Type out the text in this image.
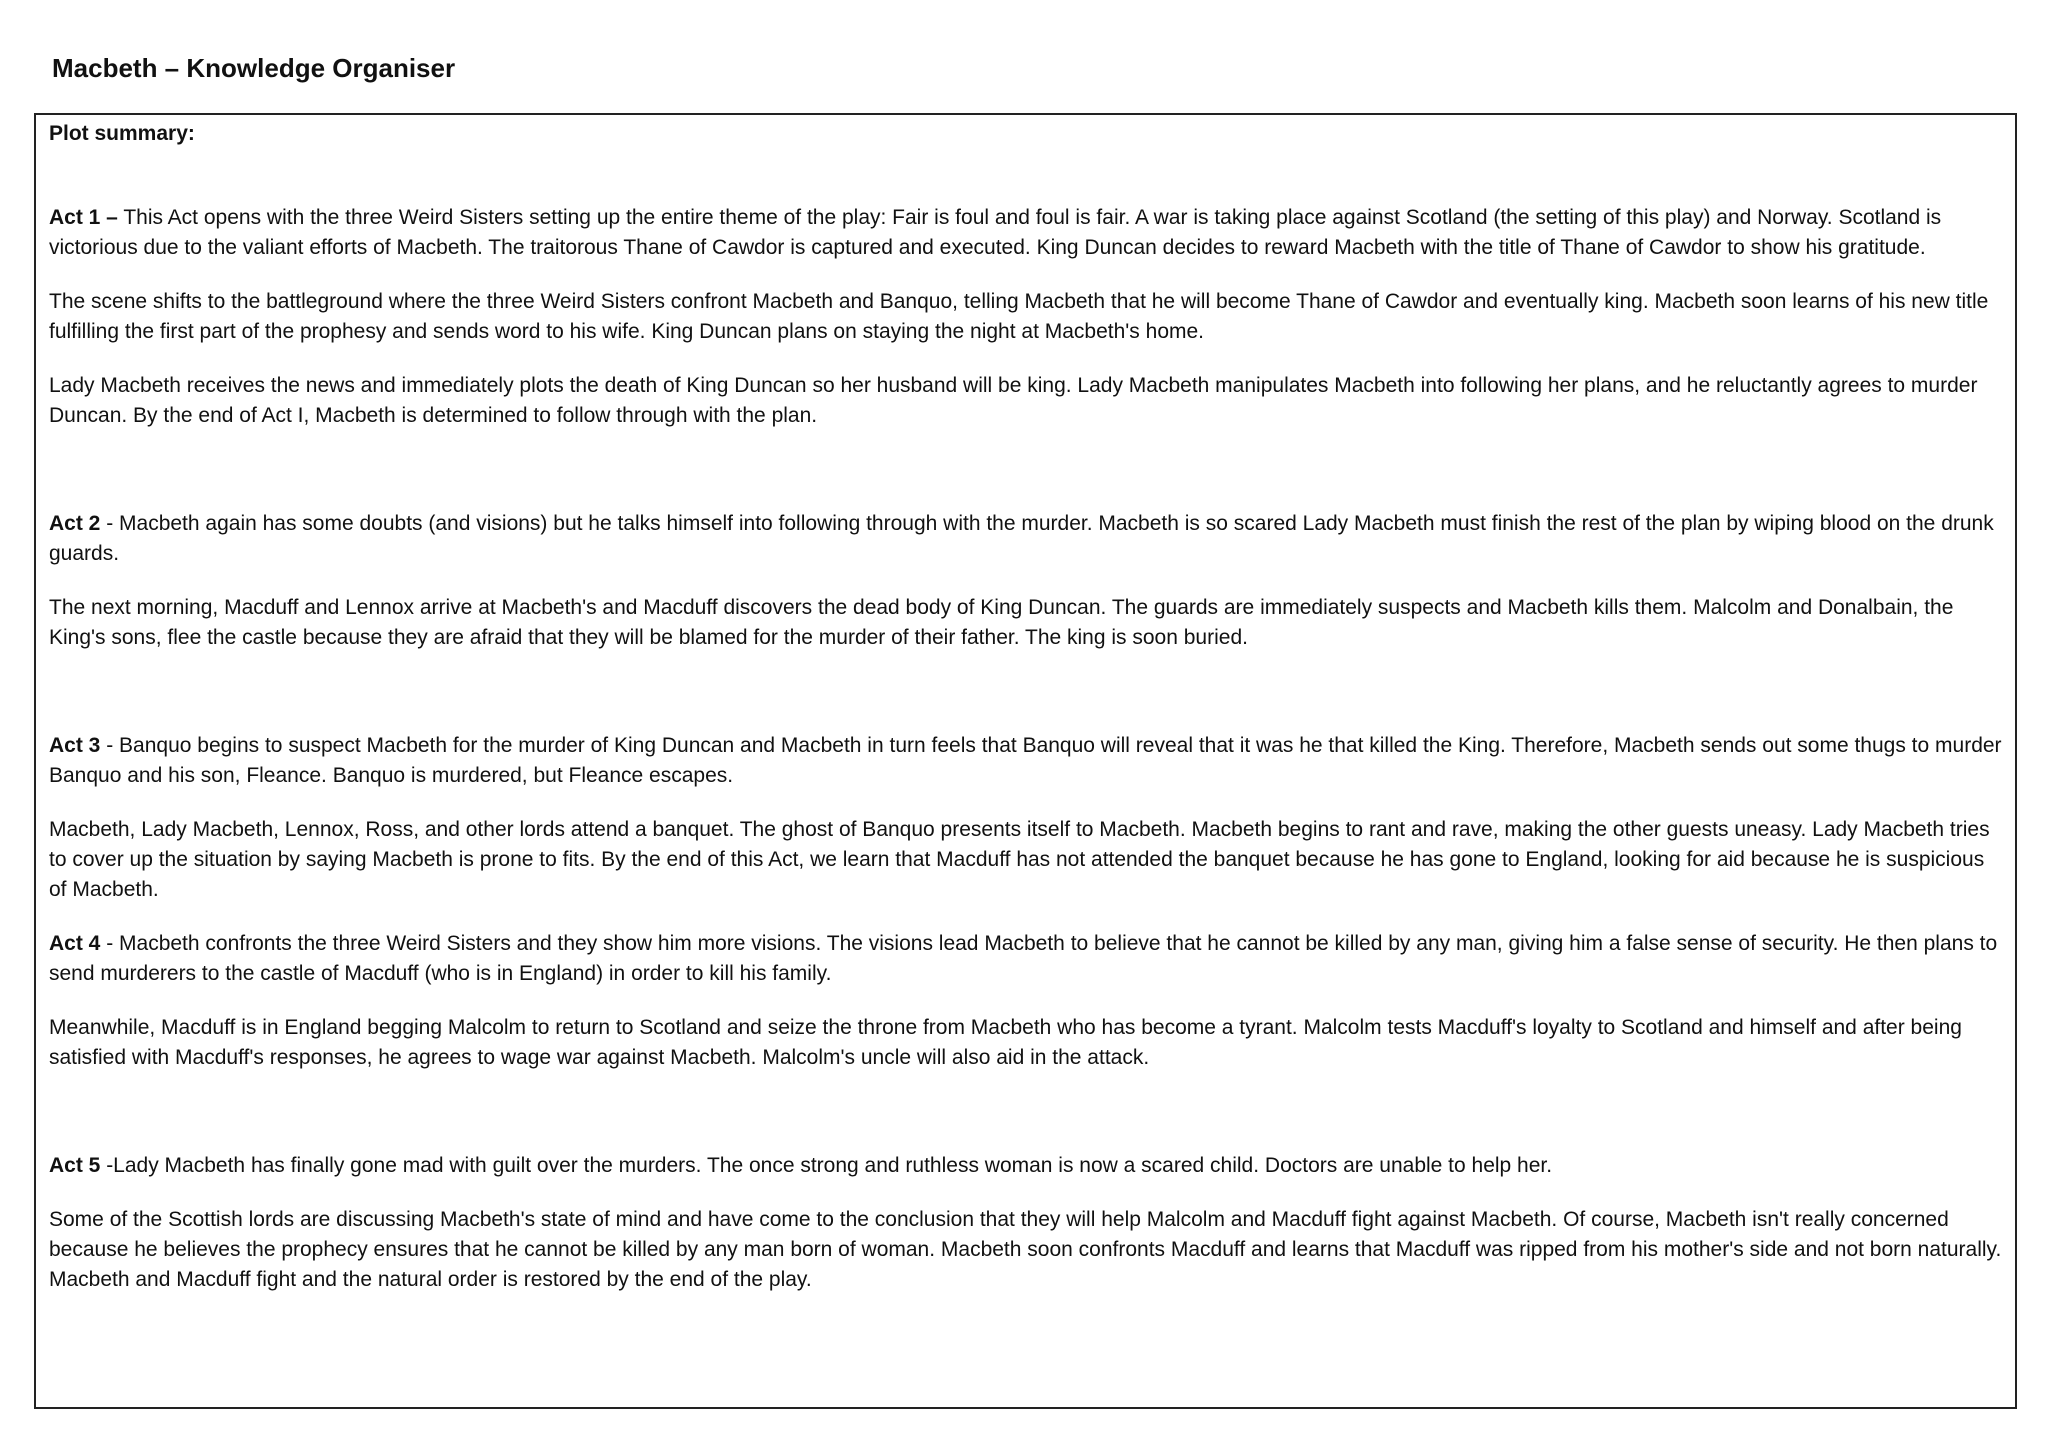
Macbeth – Knowledge Organiser

Plot summary:

Act 1 – This Act opens with the three Weird Sisters setting up the entire theme of the play: Fair is foul and foul is fair. A war is taking place against Scotland (the setting of this play) and Norway. Scotland is victorious due to the valiant efforts of Macbeth. The traitorous Thane of Cawdor is captured and executed. King Duncan decides to reward Macbeth with the title of Thane of Cawdor to show his gratitude.

The scene shifts to the battleground where the three Weird Sisters confront Macbeth and Banquo, telling Macbeth that he will become Thane of Cawdor and eventually king. Macbeth soon learns of his new title fulfilling the first part of the prophesy and sends word to his wife. King Duncan plans on staying the night at Macbeth's home.

Lady Macbeth receives the news and immediately plots the death of King Duncan so her husband will be king. Lady Macbeth manipulates Macbeth into following her plans, and he reluctantly agrees to murder Duncan. By the end of Act I, Macbeth is determined to follow through with the plan.

Act 2 - Macbeth again has some doubts (and visions) but he talks himself into following through with the murder. Macbeth is so scared Lady Macbeth must finish the rest of the plan by wiping blood on the drunk guards.

The next morning, Macduff and Lennox arrive at Macbeth's and Macduff discovers the dead body of King Duncan. The guards are immediately suspects and Macbeth kills them. Malcolm and Donalbain, the King's sons, flee the castle because they are afraid that they will be blamed for the murder of their father. The king is soon buried.

Act 3 - Banquo begins to suspect Macbeth for the murder of King Duncan and Macbeth in turn feels that Banquo will reveal that it was he that killed the King. Therefore, Macbeth sends out some thugs to murder Banquo and his son, Fleance. Banquo is murdered, but Fleance escapes.

Macbeth, Lady Macbeth, Lennox, Ross, and other lords attend a banquet. The ghost of Banquo presents itself to Macbeth. Macbeth begins to rant and rave, making the other guests uneasy. Lady Macbeth tries to cover up the situation by saying Macbeth is prone to fits. By the end of this Act, we learn that Macduff has not attended the banquet because he has gone to England, looking for aid because he is suspicious of Macbeth.

Act 4 - Macbeth confronts the three Weird Sisters and they show him more visions. The visions lead Macbeth to believe that he cannot be killed by any man, giving him a false sense of security. He then plans to send murderers to the castle of Macduff (who is in England) in order to kill his family.

Meanwhile, Macduff is in England begging Malcolm to return to Scotland and seize the throne from Macbeth who has become a tyrant. Malcolm tests Macduff's loyalty to Scotland and himself and after being satisfied with Macduff's responses, he agrees to wage war against Macbeth. Malcolm's uncle will also aid in the attack.

Act 5 -Lady Macbeth has finally gone mad with guilt over the murders. The once strong and ruthless woman is now a scared child. Doctors are unable to help her.

Some of the Scottish lords are discussing Macbeth's state of mind and have come to the conclusion that they will help Malcolm and Macduff fight against Macbeth. Of course, Macbeth isn't really concerned because he believes the prophecy ensures that he cannot be killed by any man born of woman. Macbeth soon confronts Macduff and learns that Macduff was ripped from his mother's side and not born naturally. Macbeth and Macduff fight and the natural order is restored by the end of the play.
